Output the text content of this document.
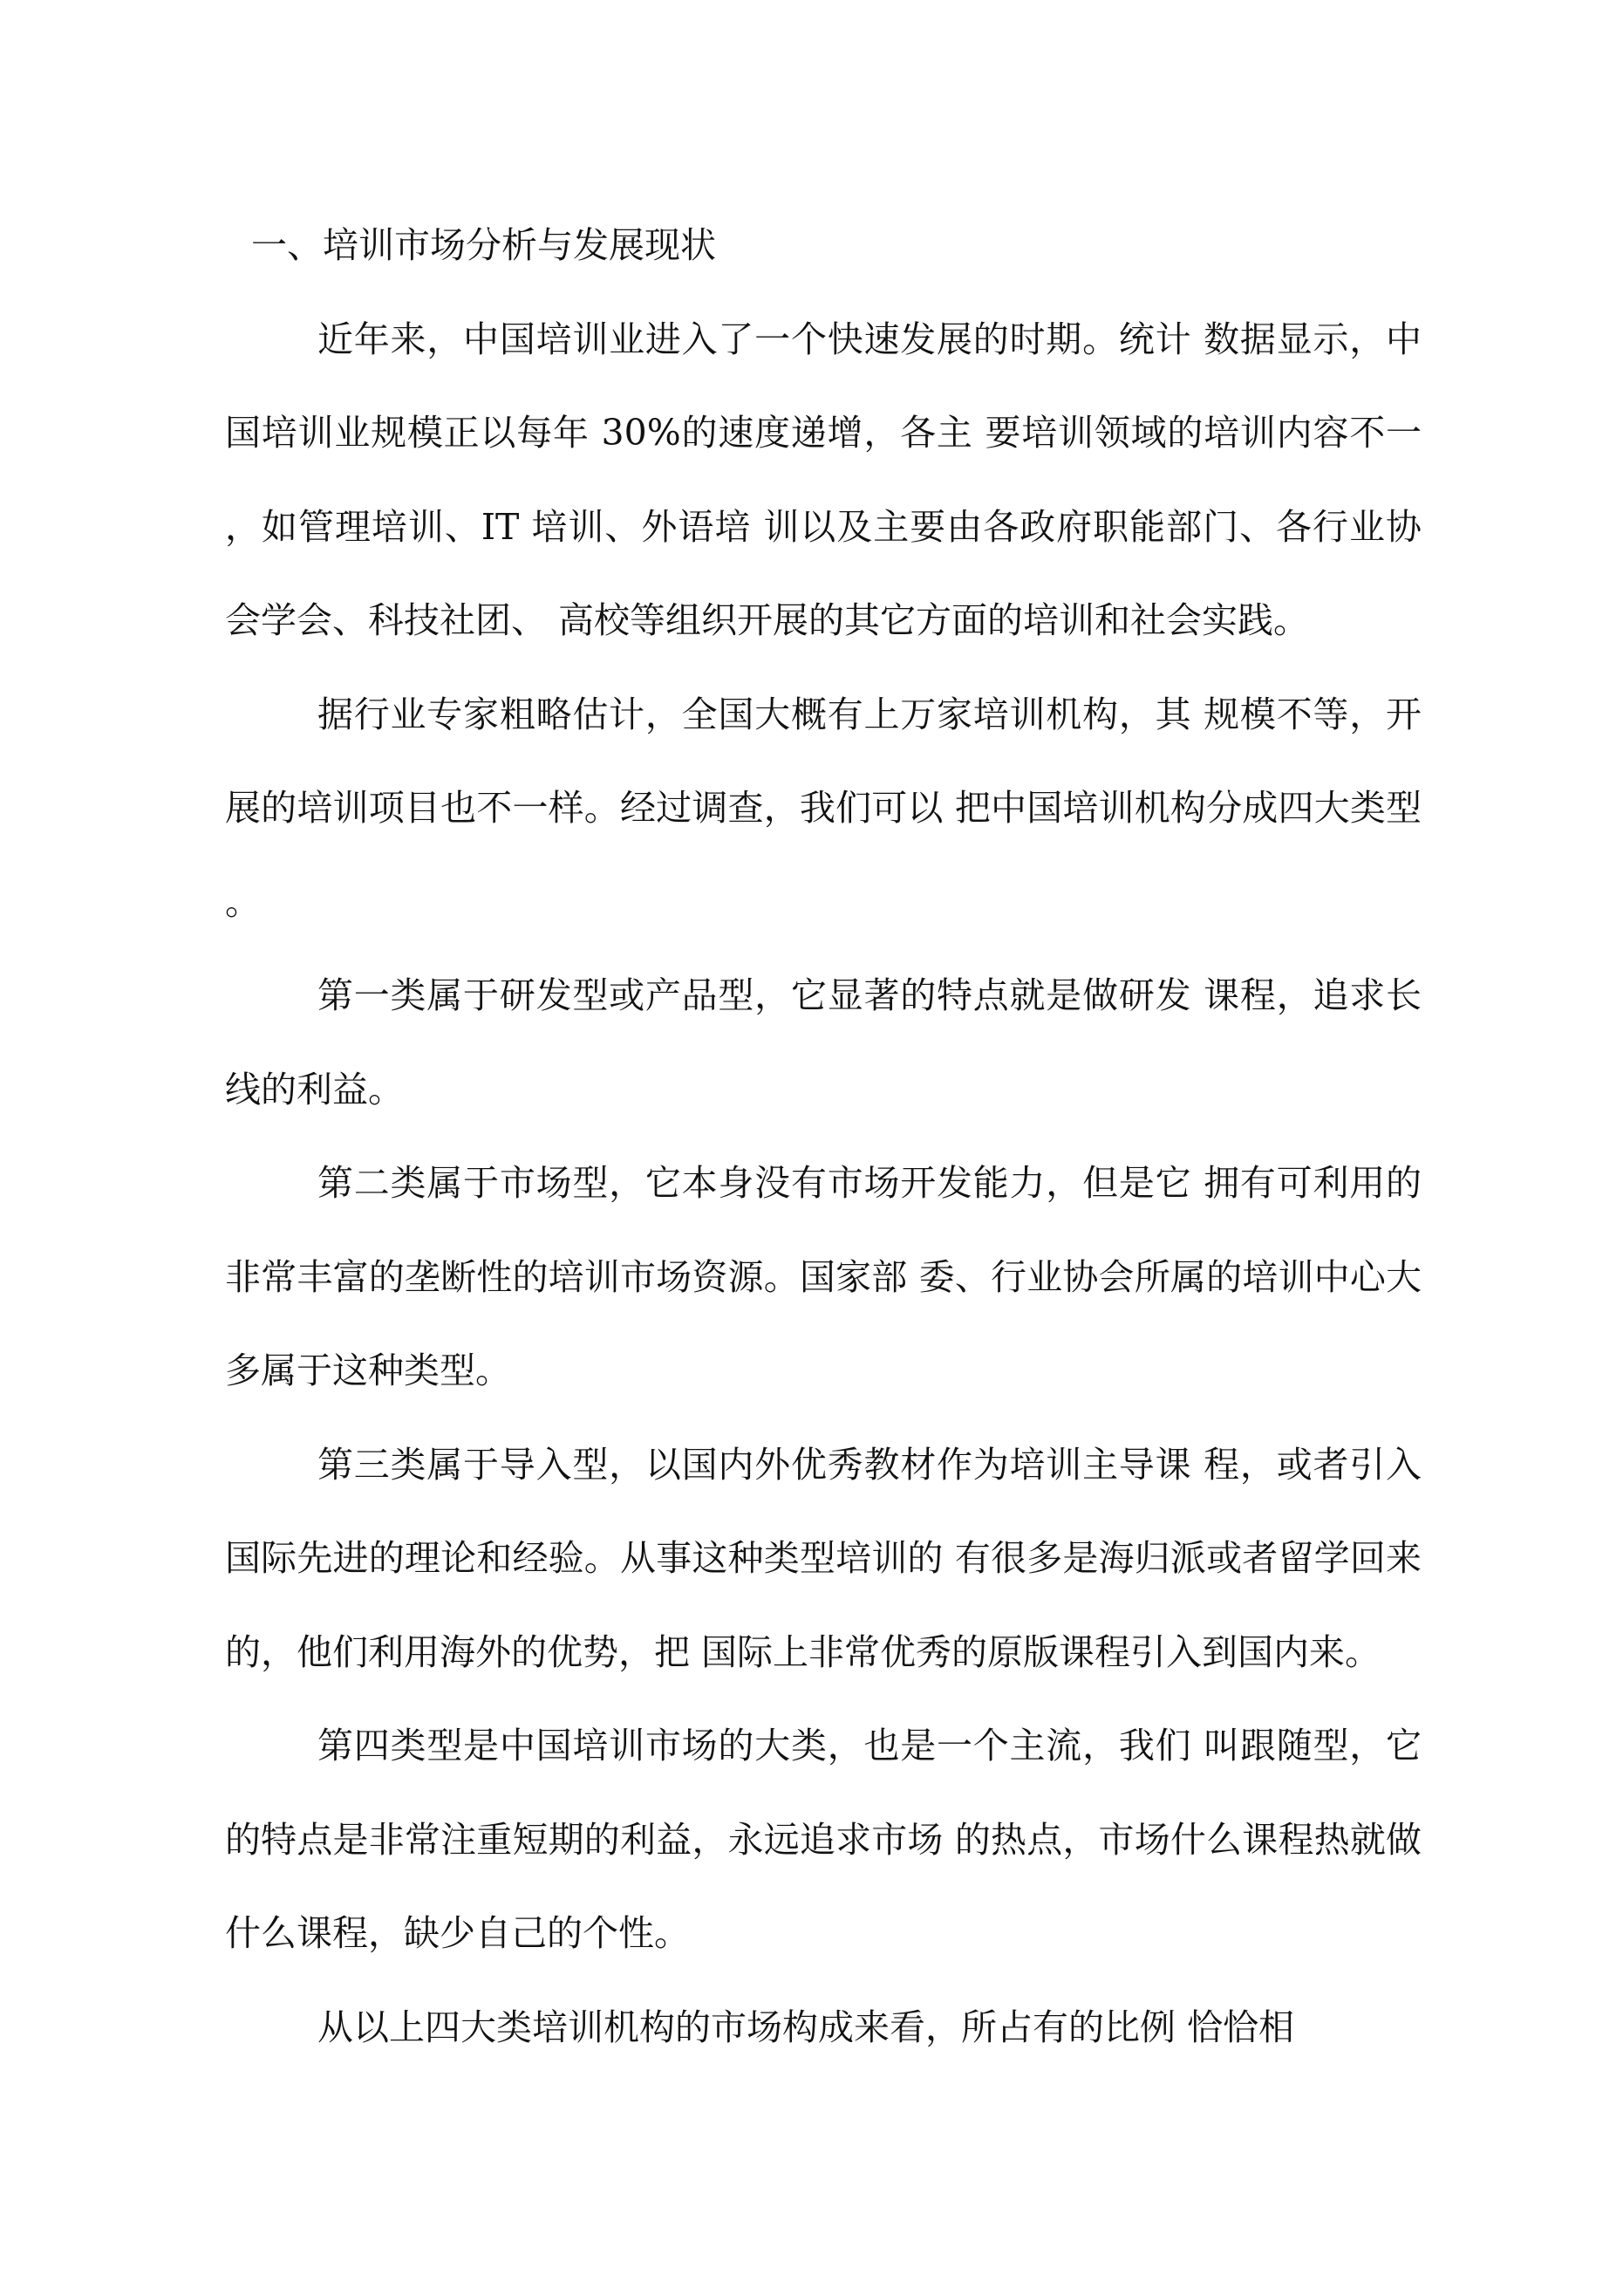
一、培训市场分析与发展现状

近年来，中国培训业进入了一个快速发展的时期。统计 数据显示，中国培训业规模正以每年 30%的速度递增，各主 要培训领域的培训内容不一，如管理培训、IT 培训、外语培 训以及主要由各政府职能部门、各行业协会学会、科技社团、 高校等组织开展的其它方面的培训和社会实践。

据行业专家粗略估计，全国大概有上万家培训机构，其 规模不等，开展的培训项目也不一样。经过调查，我们可以 把中国培训机构分成四大类型。

第一类属于研发型或产品型，它显著的特点就是做研发 课程，追求长线的利益。

第二类属于市场型，它本身没有市场开发能力，但是它 拥有可利用的非常丰富的垄断性的培训市场资源。国家部 委、行业协会所属的培训中心大多属于这种类型。

第三类属于导入型，以国内外优秀教材作为培训主导课 程，或者引入国际先进的理论和经验。从事这种类型培训的 有很多是海归派或者留学回来的，他们利用海外的优势，把 国际上非常优秀的原版课程引入到国内来。

第四类型是中国培训市场的大类，也是一个主流，我们 叫跟随型，它的特点是非常注重短期的利益，永远追求市场 的热点，市场什么课程热就做什么课程，缺少自己的个性。

从以上四大类培训机构的市场构成来看，所占有的比例 恰恰相
